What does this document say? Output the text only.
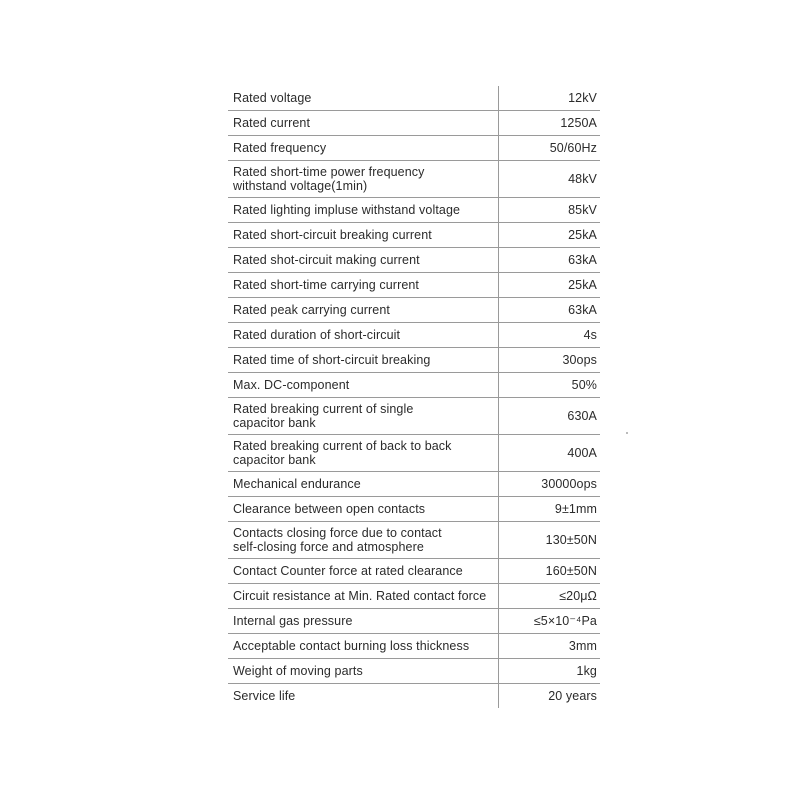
Rated voltage	12kV
Rated current	1250A
Rated frequency	50/60Hz
Rated short-time power frequency
withstand voltage(1min)	48kV
Rated lighting impluse withstand voltage	85kV
Rated short-circuit breaking current	25kA
Rated shot-circuit making current	63kA
Rated short-time carrying current	25kA
Rated peak carrying current	63kA
Rated duration of short-circuit	4s
Rated time of short-circuit breaking	30ops
Max. DC-component	50%
Rated breaking current of single
capacitor bank	630A
Rated breaking current of back to back
capacitor bank	400A
Mechanical endurance	30000ops
Clearance between open contacts	9±1mm
Contacts closing force due to contact
self-closing force and atmosphere	130±50N
Contact Counter force at rated clearance	160±50N
Circuit resistance at Min. Rated contact force	≤20μΩ
Internal gas pressure	≤5×10⁻⁴Pa
Acceptable contact burning loss thickness	3mm
Weight of moving parts	1kg
Service life	20 years
